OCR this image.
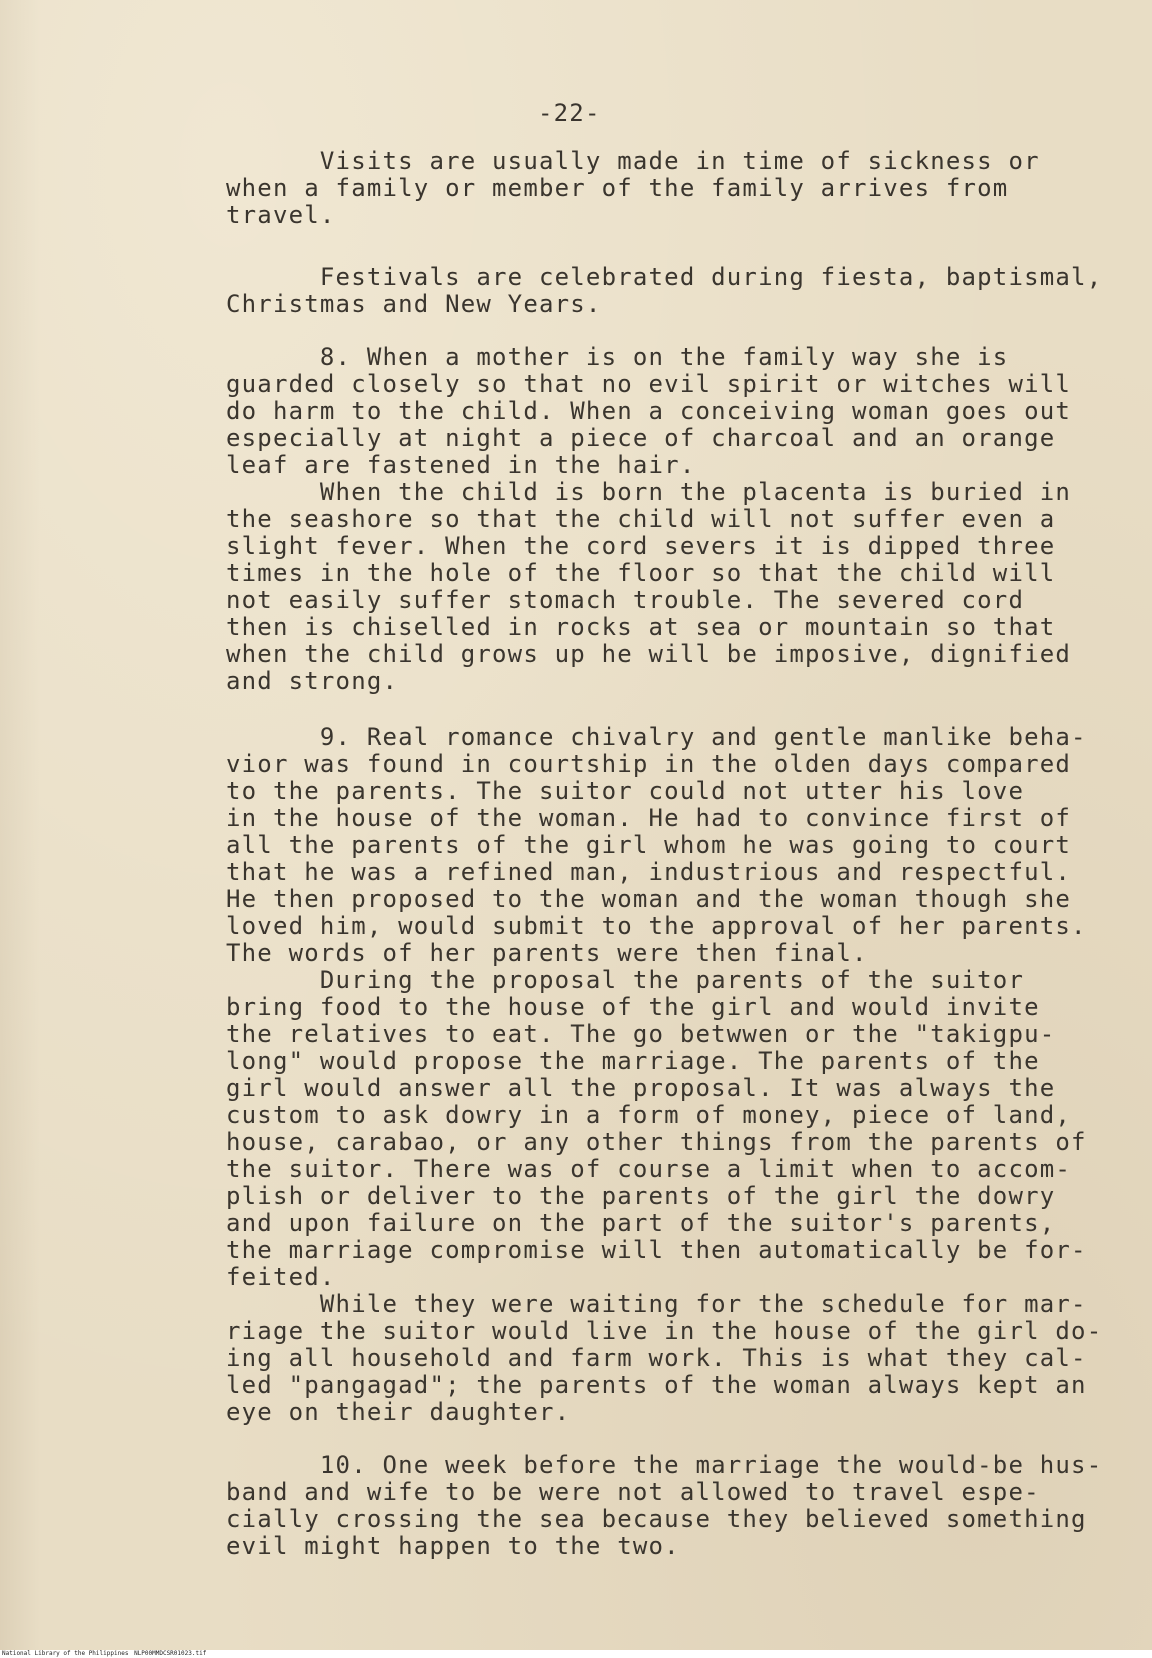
-22-

Visits are usually made in time of sickness or

when a family or member of the family arrives from

travel.

Festivals are celebrated during fiesta, baptismal,

Christmas and New Years.

8. When a mother is on the family way she is

guarded closely so that no evil spirit or witches will

do harm to the child. When a conceiving woman goes out

especially at night a piece of charcoal and an orange

leaf are fastened in the hair.

When the child is born the placenta is buried in

the seashore so that the child will not suffer even a

slight fever. When the cord severs it is dipped three

times in the hole of the floor so that the child will

not easily suffer stomach trouble. The severed cord

then is chiselled in rocks at sea or mountain so that

when the child grows up he will be imposive, dignified

and strong.

9. Real romance chivalry and gentle manlike beha-

vior was found in courtship in the olden days compared

to the parents. The suitor could not utter his love

in the house of the woman. He had to convince first of

all the parents of the girl whom he was going to court

that he was a refined man, industrious and respectful.

He then proposed to the woman and the woman though she

loved him, would submit to the approval of her parents.

The words of her parents were then final.

During the proposal the parents of the suitor

bring food to the house of the girl and would invite

the relatives to eat. The go betwwen or the "takigpu-

long" would propose the marriage. The parents of the

girl would answer all the proposal. It was always the

custom to ask dowry in a form of money, piece of land,

house, carabao, or any other things from the parents of

the suitor. There was of course a limit when to accom-

plish or deliver to the parents of the girl the dowry

and upon failure on the part of the suitor's parents,

the marriage compromise will then automatically be for-

feited.

While they were waiting for the schedule for mar-

riage the suitor would live in the house of the girl do-

ing all household and farm work. This is what they cal-

led "pangagad"; the parents of the woman always kept an

eye on their daughter.

10. One week before the marriage the would-be hus-

band and wife to be were not allowed to travel espe-

cially crossing the sea because they believed something

evil might happen to the two.

National Library of the Philippines NLP00MMDCSR01023.tif
